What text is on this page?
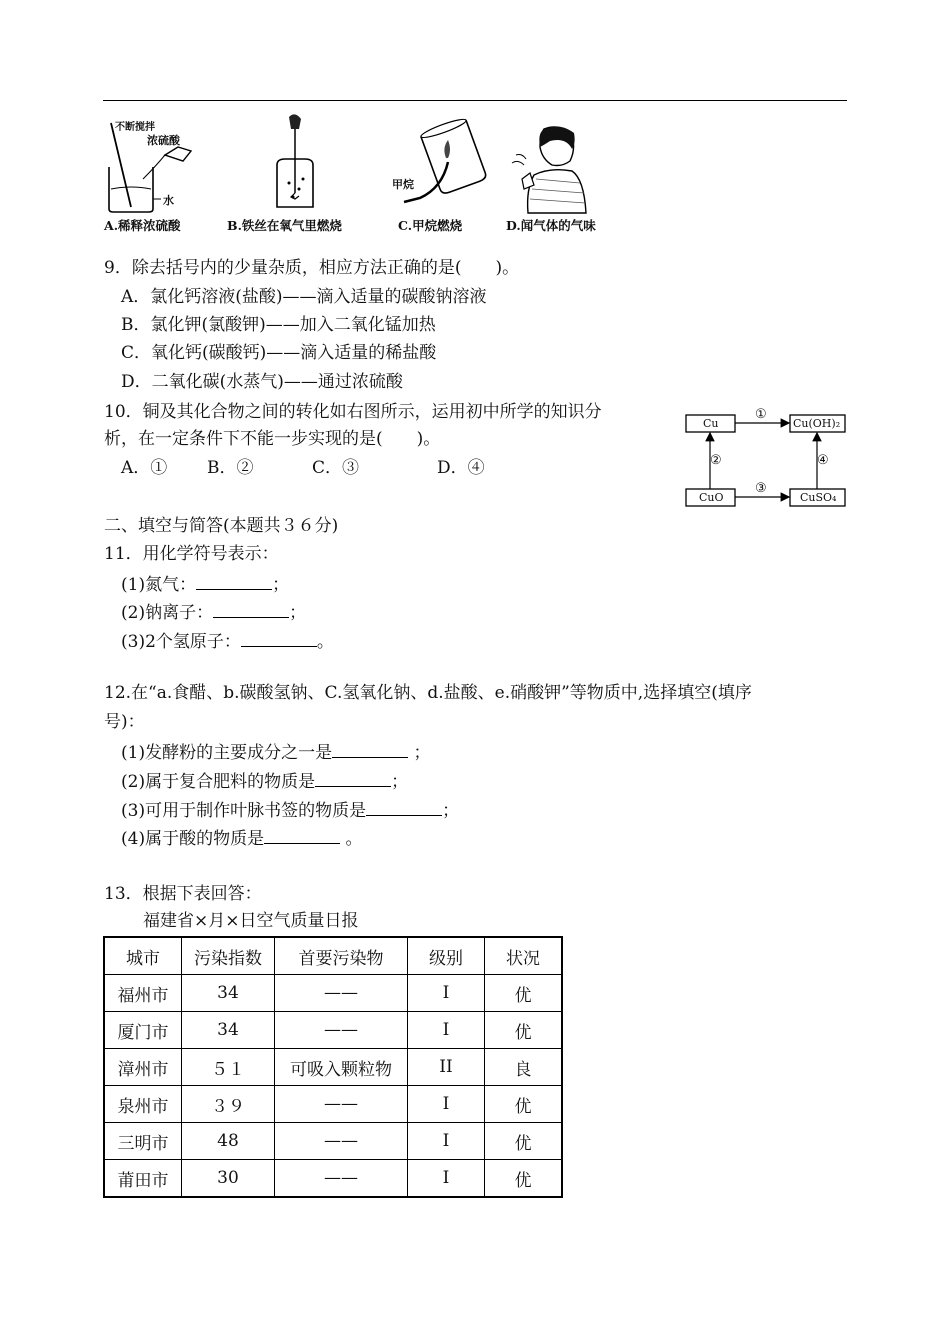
不断搅拌
浓硫酸
水
A.稀释浓硫酸	B.铁丝在氧气里燃烧
甲烷
C.甲烷燃烧	D.闻气体的气味
9．除去括号内的少量杂质，相应方法正确的是(　　)。
A．氯化钙溶液(盐酸)——滴入适量的碳酸钠溶液
B．氯化钾(氯酸钾)——加入二氧化锰加热
C．氧化钙(碳酸钙)——滴入适量的稀盐酸
D．二氧化碳(水蒸气)——通过浓硫酸
10．铜及其化合物之间的转化如右图所示，运用初中所学的知识分
析，在一定条件下不能一步实现的是(　　)。
A．① B．②	C．③	D．④
Cu	Cu(OH)₂
CuO	CuSO₄
①
②
③
④
二、填空与简答(本题共３６分)
11．用化学符号表示：
(1)氮气：	；
(2)钠离子：	；
(3)2个氢原子：	。
12.在“a.食醋、b.碳酸氢钠、C.氢氧化钠、d.盐酸、e.硝酸钾”等物质中,选择填空(填序
号)：
(1)发酵粉的主要成分之一是	；
(2)属于复合肥料的物质是	；
(3)可用于制作叶脉书签的物质是	；
(4)属于酸的物质是	。
13．根据下表回答：
福建省×月×日空气质量日报
城市	污染指数	首要污染物	级别	状况
福州市	34	——	I	优
厦门市	34	——	I	优
漳州市	５１	可吸入颗粒物	II	良
泉州市	３９	——	I	优
三明市	48	——	I	优
莆田市	30	——	I	优
